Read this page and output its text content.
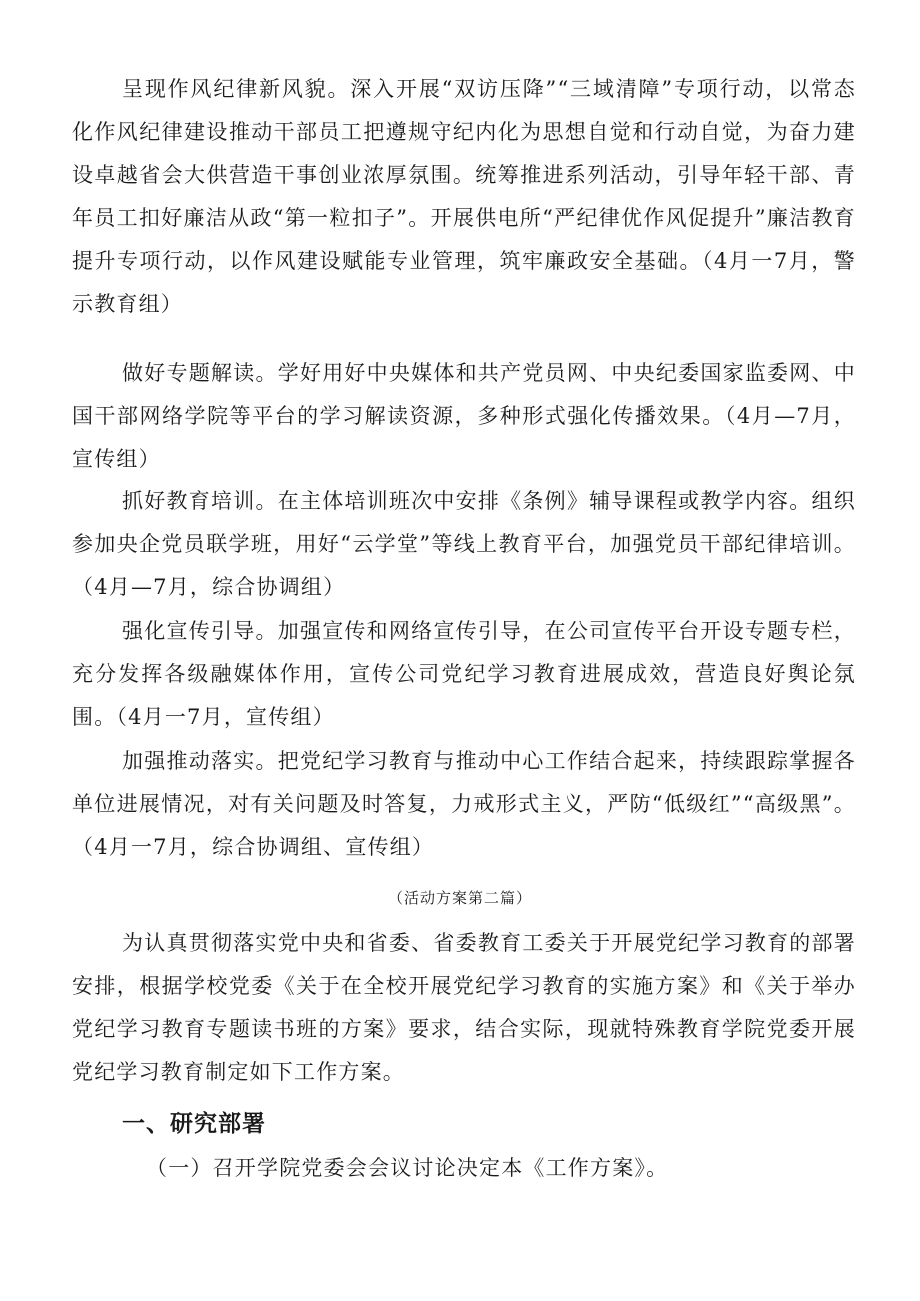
呈现作风纪律新风貌。深入开展“双访压降”“三域清障”专项行动，以常态化作风纪律建设推动干部员工把遵规守纪内化为思想自觉和行动自觉，为奋力建设卓越省会大供营造干事创业浓厚氛围。统筹推进系列活动，引导年轻干部、青年员工扣好廉洁从政“第一粒扣子”。开展供电所“严纪律优作风促提升”廉洁教育提升专项行动，以作风建设赋能专业管理，筑牢廉政安全基础。（4月一7月，警示教育组）

做好专题解读。学好用好中央媒体和共产党员网、中央纪委国家监委网、中国干部网络学院等平台的学习解读资源，多种形式强化传播效果。（4月—7月，宣传组）

抓好教育培训。在主体培训班次中安排《条例》辅导课程或教学内容。组织参加央企党员联学班，用好“云学堂”等线上教育平台，加强党员干部纪律培训。（4月—7月，综合协调组）

强化宣传引导。加强宣传和网络宣传引导，在公司宣传平台开设专题专栏，充分发挥各级融媒体作用，宣传公司党纪学习教育进展成效，营造良好舆论氛围。（4月一7月，宣传组）

加强推动落实。把党纪学习教育与推动中心工作结合起来，持续跟踪掌握各单位进展情况，对有关问题及时答复，力戒形式主义，严防“低级红”“高级黑”。（4月一7月，综合协调组、宣传组）

（活动方案第二篇）

为认真贯彻落实党中央和省委、省委教育工委关于开展党纪学习教育的部署安排，根据学校党委《关于在全校开展党纪学习教育的实施方案》和《关于举办党纪学习教育专题读书班的方案》要求，结合实际，现就特殊教育学院党委开展党纪学习教育制定如下工作方案。

一、研究部署
（一）召开学院党委会会议讨论决定本《工作方案》。
